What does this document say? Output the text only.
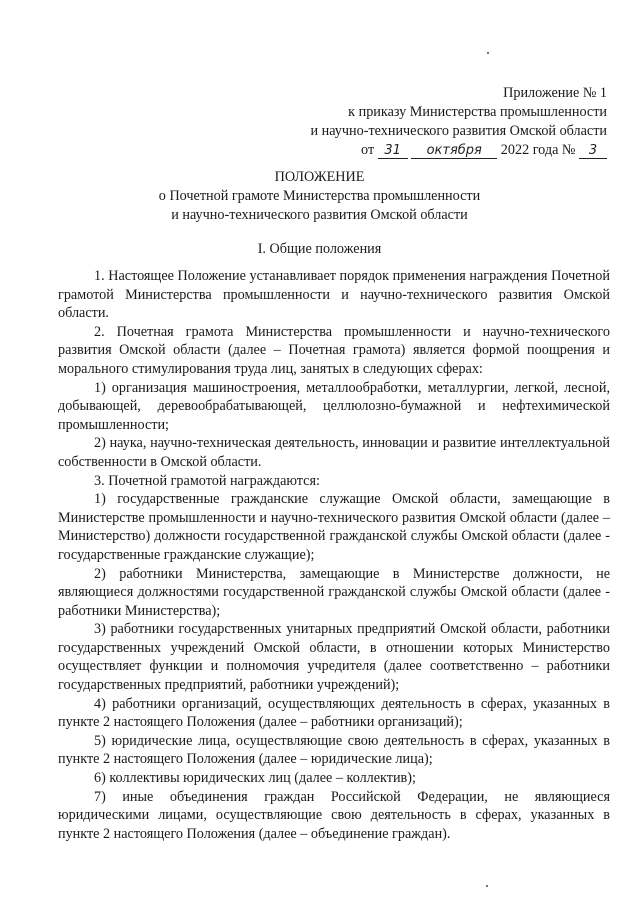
Приложение № 1
к приказу Министерства промышленности
и научно-технического развития Омской области
от 31 октября 2022 года № 3
ПОЛОЖЕНИЕ
о Почетной грамоте Министерства промышленности
и научно-технического развития Омской области
I. Общие положения

1. Настоящее Положение устанавливает порядок применения награждения Почетной грамотой Министерства промышленности и научно-технического развития Омской области.

2. Почетная грамота Министерства промышленности и научно-технического развития Омской области (далее – Почетная грамота) является формой поощрения и морального стимулирования труда лиц, занятых в следующих сферах:

1) организация машиностроения, металлообработки, металлургии, легкой, лесной, добывающей, деревообрабатывающей, целлюлозно-бумажной и нефтехимической промышленности;

2) наука, научно-техническая деятельность, инновации и развитие интеллектуальной собственности в Омской области.

3. Почетной грамотой награждаются:

1) государственные гражданские служащие Омской области, замещающие в Министерстве промышленности и научно-технического развития Омской области (далее – Министерство) должности государственной гражданской службы Омской области (далее - государственные гражданские служащие);

2) работники Министерства, замещающие в Министерстве должности, не являющиеся должностями государственной гражданской службы Омской области (далее - работники Министерства);

3) работники государственных унитарных предприятий Омской области, работники государственных учреждений Омской области, в отношении которых Министерство осуществляет функции и полномочия учредителя (далее соответственно – работники государственных предприятий, работники учреждений);

4) работники организаций, осуществляющих деятельность в сферах, указанных в пункте 2 настоящего Положения (далее – работники организаций);

5) юридические лица, осуществляющие свою деятельность в сферах, указанных в пункте 2 настоящего Положения (далее – юридические лица);

6) коллективы юридических лиц (далее – коллектив);

7) иные объединения граждан Российской Федерации, не являющиеся юридическими лицами, осуществляющие свою деятельность в сферах, указанных в пункте 2 настоящего Положения (далее – объединение граждан).
